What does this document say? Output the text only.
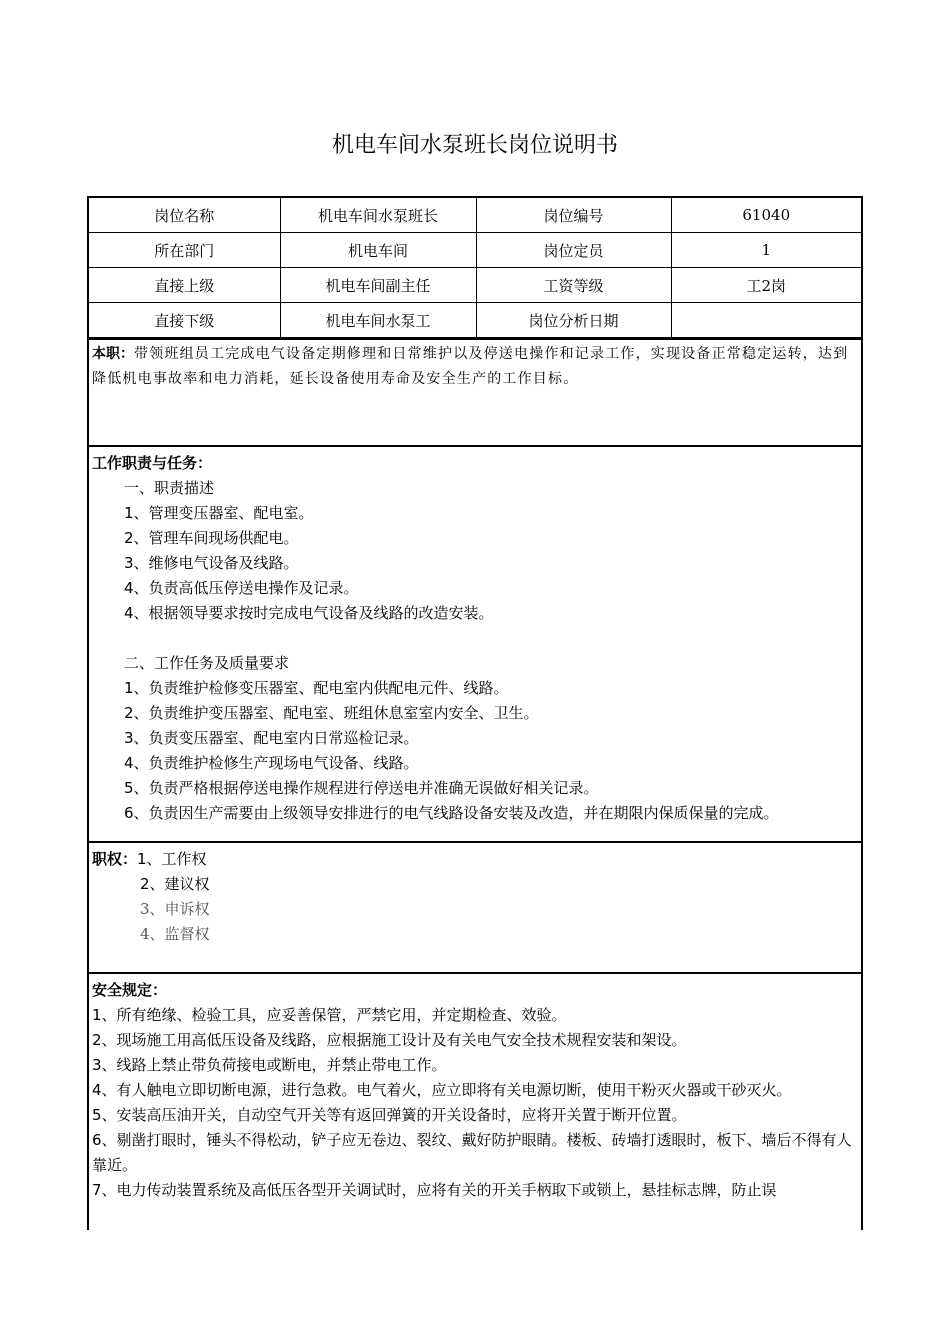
机电车间水泵班长岗位说明书
岗位名称	机电车间水泵班长	岗位编号	61040
所在部门	机电车间	岗位定员	1
直接上级	机电车间副主任	工资等级	工2岗
直接下级	机电车间水泵工	岗位分析日期	
本职：带领班组员工完成电气设备定期修理和日常维护以及停送电操作和记录工作，实现设备正常稳定运转，达到降低机电事故率和电力消耗，延长设备使用寿命及安全生产的工作目标。
工作职责与任务：
一、职责描述
1、管理变压器室、配电室。
2、管理车间现场供配电。
3、维修电气设备及线路。
4、负责高低压停送电操作及记录。
4、根据领导要求按时完成电气设备及线路的改造安装。
二、工作任务及质量要求
1、负责维护检修变压器室、配电室内供配电元件、线路。
2、负责维护变压器室、配电室、班组休息室室内安全、卫生。
3、负责变压器室、配电室内日常巡检记录。
4、负责维护检修生产现场电气设备、线路。
5、负责严格根据停送电操作规程进行停送电并准确无误做好相关记录。
6、负责因生产需要由上级领导安排进行的电气线路设备安装及改造，并在期限内保质保量的完成。
职权：1、工作权
2、建议权
3、申诉权
4、监督权
安全规定：
1、所有绝缘、检验工具，应妥善保管，严禁它用，并定期检查、效验。
2、现场施工用高低压设备及线路，应根据施工设计及有关电气安全技术规程安装和架设。
3、线路上禁止带负荷接电或断电，并禁止带电工作。
4、有人触电立即切断电源，进行急救。电气着火，应立即将有关电源切断，使用干粉灭火器或干砂灭火。
5、安装高压油开关，自动空气开关等有返回弹簧的开关设备时，应将开关置于断开位置。
6、剔凿打眼时，锤头不得松动，铲子应无卷边、裂纹、戴好防护眼睛。楼板、砖墙打透眼时，板下、墙后不得有人靠近。
7、电力传动装置系统及高低压各型开关调试时，应将有关的开关手柄取下或锁上，悬挂标志牌，防止误
